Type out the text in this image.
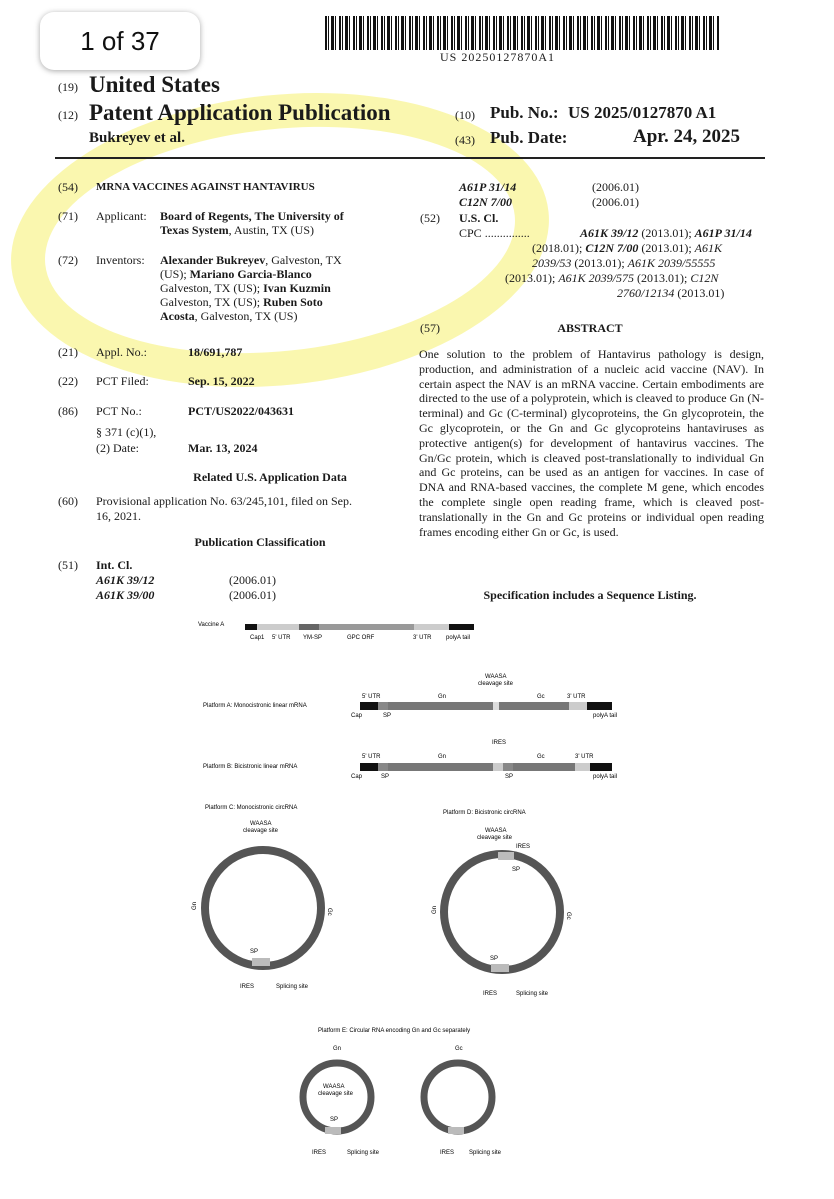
1 of 37
US 20250127870A1
(19) United States
(12) Patent Application Publication
Bukreyev et al.
(10) Pub. No.: US 2025/0127870 A1
(43) Pub. Date:	Apr. 24, 2025
(54) MRNA VACCINES AGAINST HANTAVIRUS
(71) Applicant: Board of Regents, The University of
Texas System, Austin, TX (US)
(72) Inventors: Alexander Bukreyev, Galveston, TX
(US); Mariano Garcia-Blanco
Galveston, TX (US); Ivan Kuzmin
Galveston, TX (US); Ruben Soto
Acosta, Galveston, TX (US)
(21) Appl. No.:	18/691,787
(22) PCT Filed:	Sep. 15, 2022
(86) PCT No.:	PCT/US2022/043631
§ 371 (c)(1),
(2) Date:	Mar. 13, 2024
Related U.S. Application Data
(60) Provisional application No. 63/245,101, filed on Sep.
16, 2021.
Publication Classification
(51) Int. Cl.
A61K 39/12	(2006.01)
A61K 39/00	(2006.01)
A61P 31/14	(2006.01)
C12N 7/00	(2006.01)
(52) U.S. Cl.
CPC ...............	A61K 39/12 (2013.01); A61P 31/14
(2018.01); C12N 7/00 (2013.01); A61K
2039/53 (2013.01); A61K 2039/55555
(2013.01); A61K 2039/575 (2013.01); C12N
2760/12134 (2013.01)
(57)	ABSTRACT
One solution to the problem of Hantavirus pathology is design, production, and administration of a nucleic acid vaccine (NAV). In certain aspect the NAV is an mRNA vaccine. Certain embodiments are directed to the use of a polyprotein, which is cleaved to produce Gn (N-terminal) and Gc (C-terminal) glycoproteins, the Gn glycoprotein, the Gc glycoprotein, or the Gn and Gc glycoproteins hantaviruses as protective antigen(s) for development of hantavirus vaccines. The Gn/Gc protein, which is cleaved post-translationally to individual Gn and Gc proteins, can be used as an antigen for vaccines. In case of DNA and RNA-based vaccines, the complete M gene, which encodes the complete single open reading frame, which is cleaved post-translationally in the Gn and Gc proteins or individual open reading frames encoding either Gn or Gc, is used.
Specification includes a Sequence Listing.
Vaccine A
Cap1 5' UTR YM-SP	GPC ORF	3' UTR polyA tail
Platform A: Monocistronic linear mRNA
WAASA
cleavage site
5' UTR	Gn	Gc	3' UTR
Cap	SP	polyA tail
Platform B: Bicistronic linear mRNA
IRES
5' UTR	Gn	Gc	3' UTR
Cap	SP	SP	polyA tail
Platform C: Monocistronic circRNA
WAASA
cleavage site
Gn
Gc
SP
IRES	Splicing site
Platform D: Bicistronic circRNA
WAASA
cleavage site
IRES
Gn
Gc
SP
SP
IRES	Splicing site
Platform E: Circular RNA encoding Gn and Gc separately
Gn	Gc
WAASA
cleavage site
SP
IRES	Splicing site	IRES Splicing site
